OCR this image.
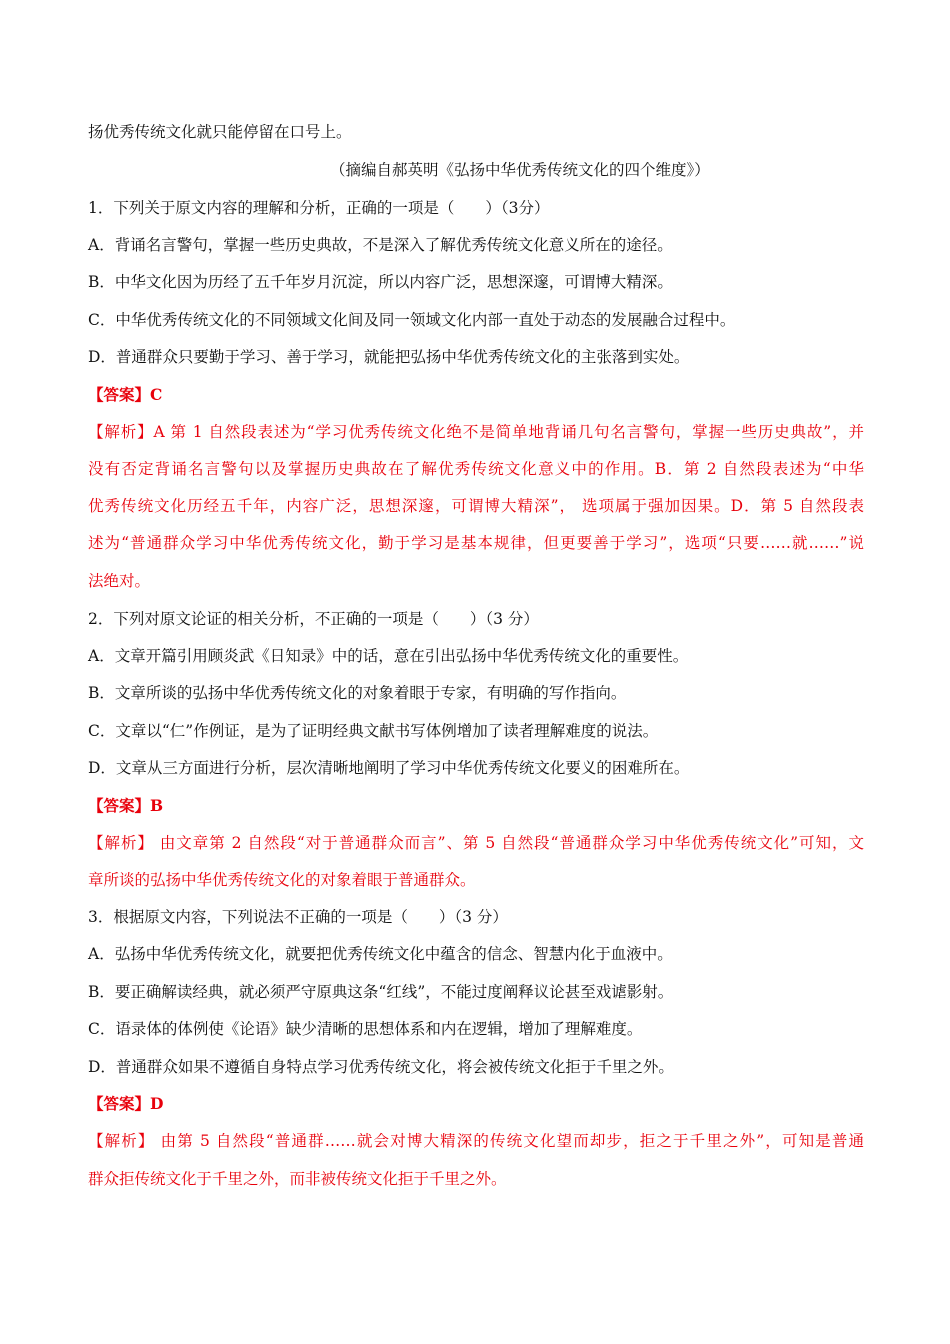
扬优秀传统文化就只能停留在口号上。
（摘编自郝英明《弘扬中华优秀传统文化的四个维度》）
1．下列关于原文内容的理解和分析，正确的一项是（　　）（3分）
A．背诵名言警句，掌握一些历史典故，不是深入了解优秀传统文化意义所在的途径。
B．中华文化因为历经了五千年岁月沉淀，所以内容广泛，思想深邃，可谓博大精深。
C．中华优秀传统文化的不同领域文化间及同一领域文化内部一直处于动态的发展融合过程中。
D．普通群众只要勤于学习、善于学习，就能把弘扬中华优秀传统文化的主张落到实处。
【答案】C
【解析】A 第 1 自然段表述为“学习优秀传统文化绝不是简单地背诵几句名言警句，掌握一些历史典故”，并
没有否定背诵名言警句以及掌握历史典故在了解优秀传统文化意义中的作用。B．第 2 自然段表述为“中华
优秀传统文化历经五千年，内容广泛，思想深邃，可谓博大精深”， 选项属于强加因果。D．第 5 自然段表
述为“普通群众学习中华优秀传统文化，勤于学习是基本规律，但更要善于学习”，选项“只要……就……”说
法绝对。
2．下列对原文论证的相关分析，不正确的一项是（　　）（3 分）
A．文章开篇引用顾炎武《日知录》中的话，意在引出弘扬中华优秀传统文化的重要性。
B．文章所谈的弘扬中华优秀传统文化的对象着眼于专家，有明确的写作指向。
C．文章以“仁”作例证，是为了证明经典文献书写体例增加了读者理解难度的说法。
D．文章从三方面进行分析，层次清晰地阐明了学习中华优秀传统文化要义的困难所在。
【答案】B
【解析】 由文章第 2 自然段“对于普通群众而言”、第 5 自然段“普通群众学习中华优秀传统文化”可知，文
章所谈的弘扬中华优秀传统文化的对象着眼于普通群众。
3．根据原文内容，下列说法不正确的一项是（　　）（3 分）
A．弘扬中华优秀传统文化，就要把优秀传统文化中蕴含的信念、智慧内化于血液中。
B．要正确解读经典，就必须严守原典这条“红线”，不能过度阐释议论甚至戏谑影射。
C．语录体的体例使《论语》缺少清晰的思想体系和内在逻辑，增加了理解难度。
D．普通群众如果不遵循自身特点学习优秀传统文化，将会被传统文化拒于千里之外。
【答案】D
【解析】 由第 5 自然段“普通群……就会对博大精深的传统文化望而却步，拒之于千里之外”，可知是普通
群众拒传统文化于千里之外，而非被传统文化拒于千里之外。
